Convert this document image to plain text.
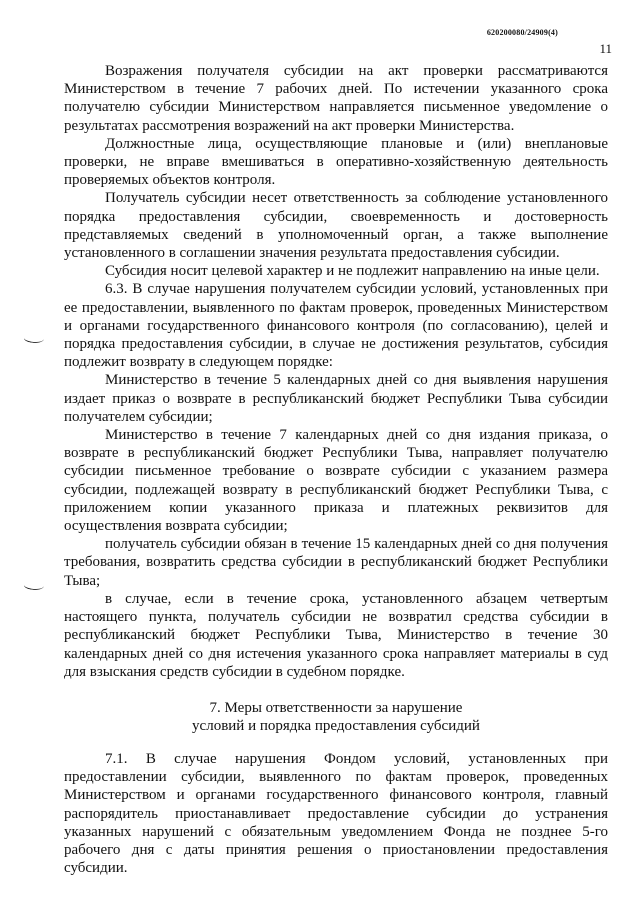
620200080/24909(4)
11

Возражения получателя субсидии на акт проверки рассматриваются Министерством в течение 7 рабочих дней. По истечении указанного срока получателю субсидии Министерством направляется письменное уведомление о результатах рассмотрения возражений на акт проверки Министерства.

Должностные лица, осуществляющие плановые и (или) внеплановые проверки, не вправе вмешиваться в оперативно-хозяйственную деятельность проверяемых объектов контроля.

Получатель субсидии несет ответственность за соблюдение установленного порядка предоставления субсидии, своевременность и достоверность представляемых сведений в уполномоченный орган, а также выполнение установленного в соглашении значения результата предоставления субсидии.

Субсидия носит целевой характер и не подлежит направлению на иные цели.

6.3. В случае нарушения получателем субсидии условий, установленных при ее предоставлении, выявленного по фактам проверок, проведенных Министерством и органами государственного финансового контроля (по согласованию), целей и порядка предоставления субсидии, в случае не достижения результатов, субсидия подлежит возврату в следующем порядке:

Министерство в течение 5 календарных дней со дня выявления нарушения издает приказ о возврате в республиканский бюджет Республики Тыва субсидии получателем субсидии;

Министерство в течение 7 календарных дней со дня издания приказа, о возврате в республиканский бюджет Республики Тыва, направляет получателю субсидии письменное требование о возврате субсидии с указанием размера субсидии, подлежащей возврату в республиканский бюджет Республики Тыва, с приложением копии указанного приказа и платежных реквизитов для осуществления возврата субсидии;

получатель субсидии обязан в течение 15 календарных дней со дня получения требования, возвратить средства субсидии в республиканский бюджет Республики Тыва;

в случае, если в течение срока, установленного абзацем четвертым настоящего пункта, получатель субсидии не возвратил средства субсидии в республиканский бюджет Республики Тыва, Министерство в течение 30 календарных дней со дня истечения указанного срока направляет материалы в суд для взыскания средств субсидии в судебном порядке.

7. Меры ответственности за нарушение
условий и порядка предоставления субсидий

7.1. В случае нарушения Фондом условий, установленных при предоставлении субсидии, выявленного по фактам проверок, проведенных Министерством и органами государственного финансового контроля, главный распорядитель приостанавливает предоставление субсидии до устранения указанных нарушений с обязательным уведомлением Фонда не позднее 5-го рабочего дня с даты принятия решения о приостановлении предоставления субсидии.
